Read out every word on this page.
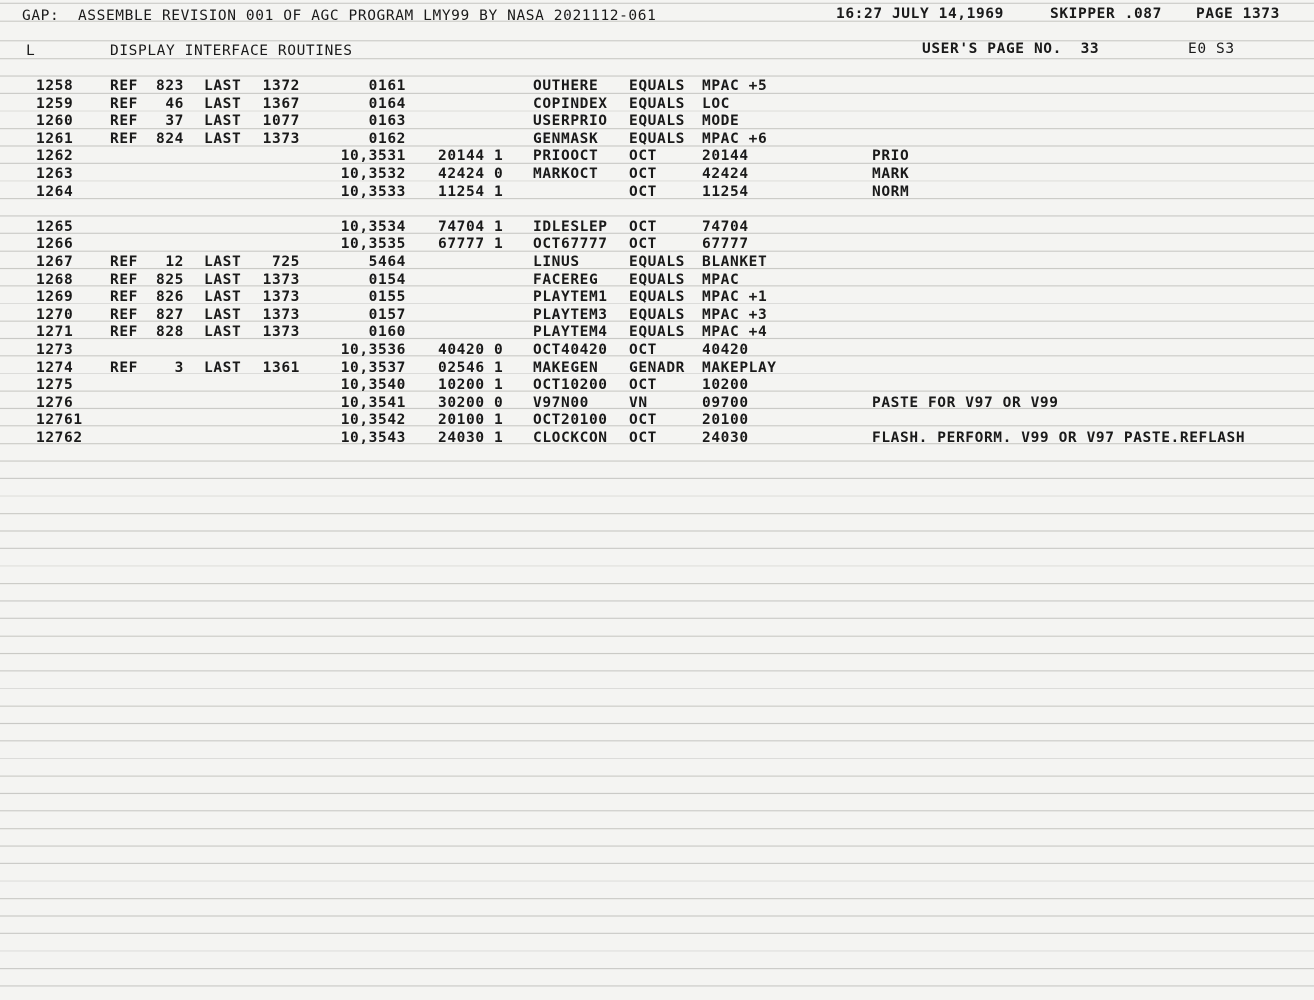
GAP:  ASSEMBLE REVISION 001 OF AGC PROGRAM LMY99 BY NASA 2021112-061	16:27 JULY 14,1969	SKIPPER .087 PAGE 1373
L	DISPLAY INTERFACE ROUTINES	USER'S PAGE NO.  33	E0 S3
1258	REF	823 LAST	1372	0161	OUTHERE EQUALS MPAC +5
1259	REF	46 LAST	1367	0164	COPINDEX EQUALS LOC
1260	REF	37 LAST	1077	0163	USERPRIO EQUALS MODE
1261	REF	824 LAST	1373	0162	GENMASK EQUALS MPAC +6
1262	10,3531 20144 1 PRIOOCT OCT	20144	PRIO
1263	10,3532 42424 0 MARKOCT OCT	42424	MARK
1264	10,3533 11254 1	OCT	11254	NORM
1265	10,3534 74704 1 IDLESLEP OCT	74704
1266	10,3535 67777 1 OCT67777 OCT	67777
1267	REF	12 LAST	725	5464	LINUS	EQUALS BLANKET
1268	REF	825 LAST	1373	0154	FACEREG EQUALS MPAC
1269	REF	826 LAST	1373	0155	PLAYTEM1 EQUALS MPAC +1
1270	REF	827 LAST	1373	0157	PLAYTEM3 EQUALS MPAC +3
1271	REF	828 LAST	1373	0160	PLAYTEM4 EQUALS MPAC +4
1273	10,3536 40420 0 OCT40420 OCT	40420
1274	REF	3 LAST	1361	10,3537 02546 1 MAKEGEN GENADR MAKEPLAY
1275	10,3540 10200 1 OCT10200 OCT	10200
1276	10,3541 30200 0 V97N00	VN	09700	PASTE FOR V97 OR V99
12761	10,3542 20100 1 OCT20100 OCT	20100
12762	10,3543 24030 1 CLOCKCON OCT	24030	FLASH. PERFORM. V99 OR V97 PASTE.REFLASH
